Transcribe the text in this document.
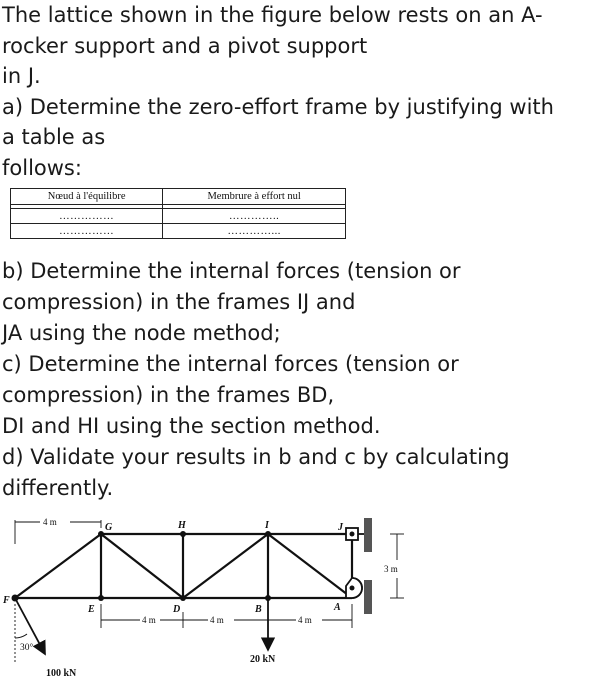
The lattice shown in the figure below rests on an A-

rocker support and a pivot support

in J.

a) Determine the zero-effort frame by justifying with

a table as

follows:

Nœud à l'équilibre	Membrure à effort nul

……………	…………..
……………	…………...

b) Determine the internal forces (tension or

compression) in the frames IJ and

JA using the node method;

c) Determine the internal forces (tension or

compression) in the frames BD,

DI and HI using the section method.

d) Validate your results in b and c by calculating

differently.

F
E	D	B	A
G	H	I	J
4 m
4 m	4 m	4 m
3 m
30°
20 kN
100 kN
